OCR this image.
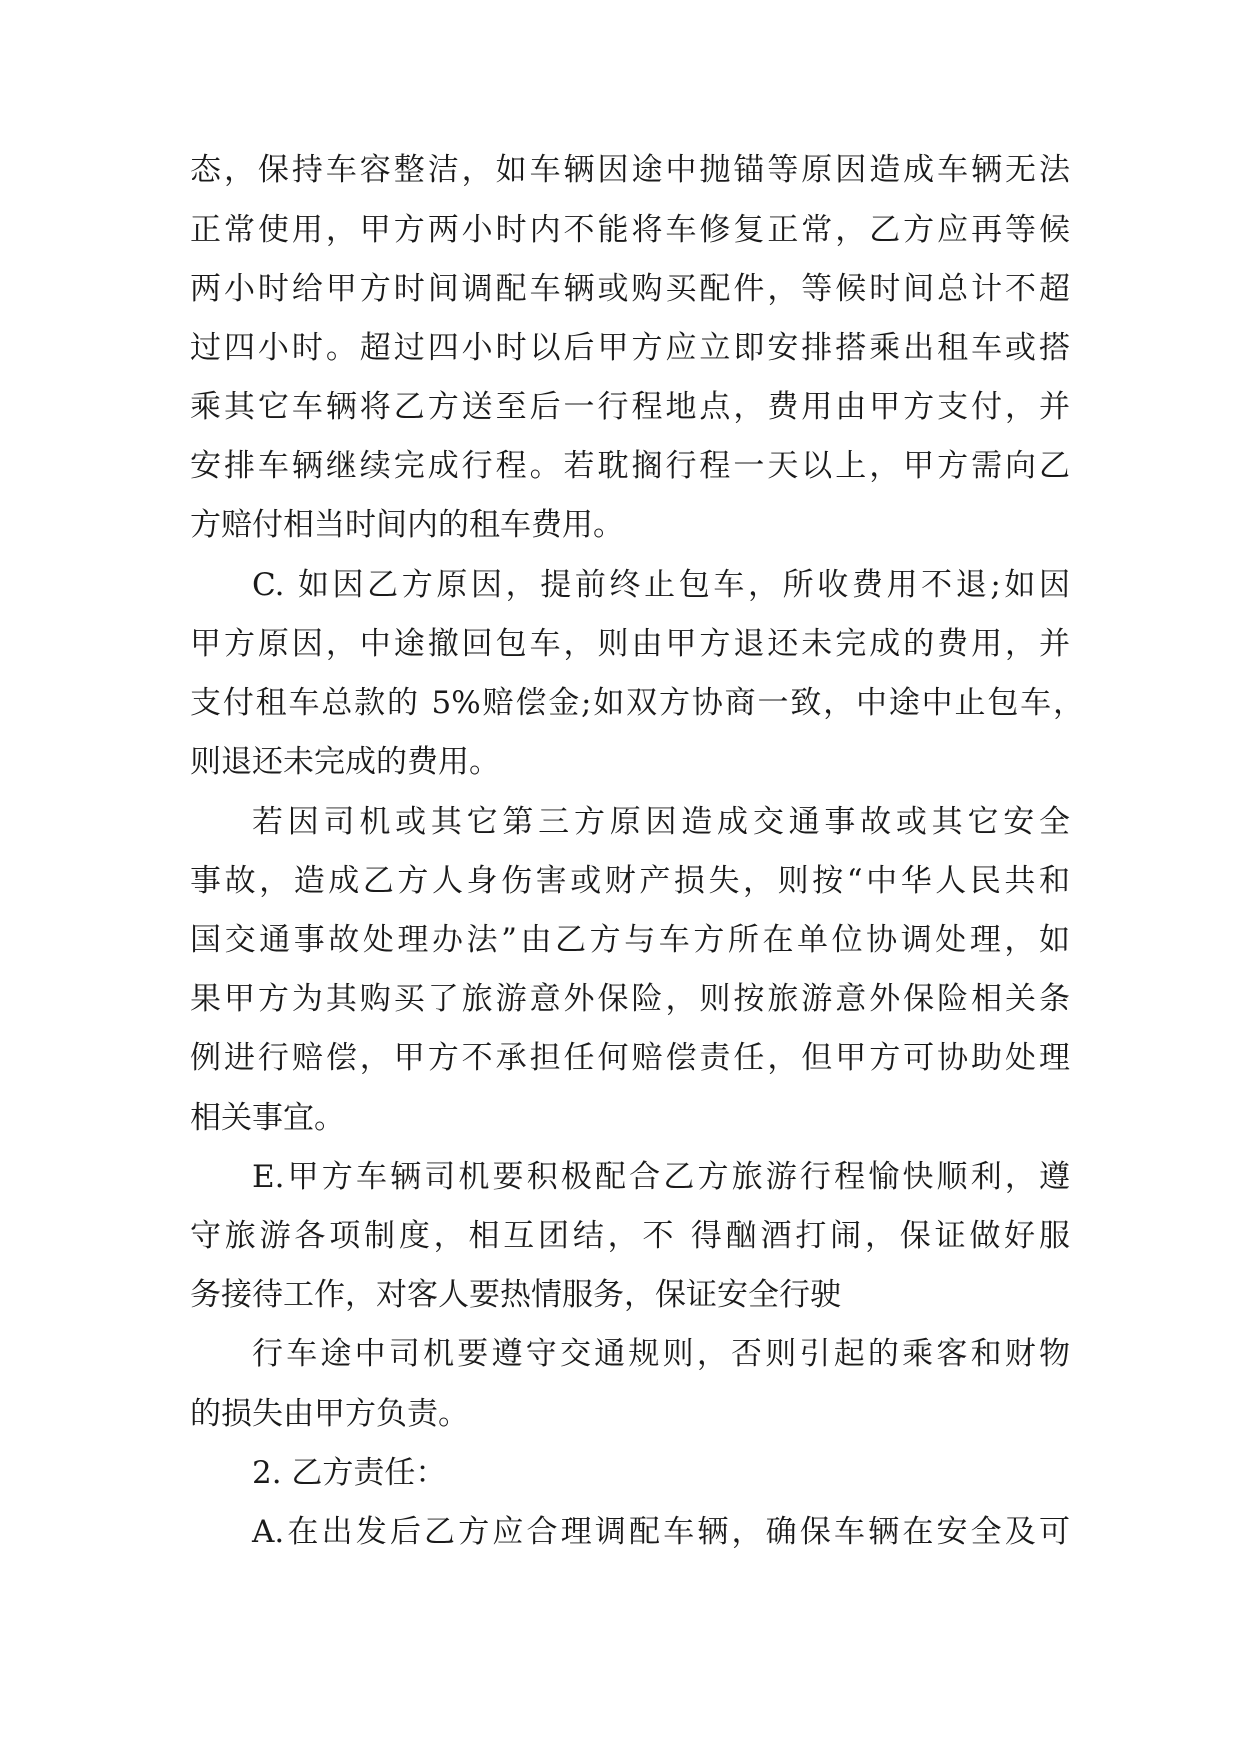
态，保持车容整洁，如车辆因途中抛锚等原因造成车辆无法

正常使用，甲方两小时内不能将车修复正常，乙方应再等候

两小时给甲方时间调配车辆或购买配件，等候时间总计不超

过四小时。超过四小时以后甲方应立即安排搭乘出租车或搭

乘其它车辆将乙方送至后一行程地点，费用由甲方支付，并

安排车辆继续完成行程。若耽搁行程一天以上，甲方需向乙

方赔付相当时间内的租车费用。

C. 如因乙方原因，提前终止包车，所收费用不退;如因

甲方原因，中途撤回包车，则由甲方退还未完成的费用，并

支付租车总款的 5%赔偿金;如双方协商一致，中途中止包车，

则退还未完成的费用。

若因司机或其它第三方原因造成交通事故或其它安全

事故，造成乙方人身伤害或财产损失，则按“中华人民共和

国交通事故处理办法”由乙方与车方所在单位协调处理，如

果甲方为其购买了旅游意外保险，则按旅游意外保险相关条

例进行赔偿，甲方不承担任何赔偿责任，但甲方可协助处理

相关事宜。

E.甲方车辆司机要积极配合乙方旅游行程愉快顺利，遵

守旅游各项制度，相互团结，不 得酗酒打闹，保证做好服

务接待工作，对客人要热情服务，保证安全行驶

行车途中司机要遵守交通规则，否则引起的乘客和财物

的损失由甲方负责。

2. 乙方责任：

A.在出发后乙方应合理调配车辆，确保车辆在安全及可
